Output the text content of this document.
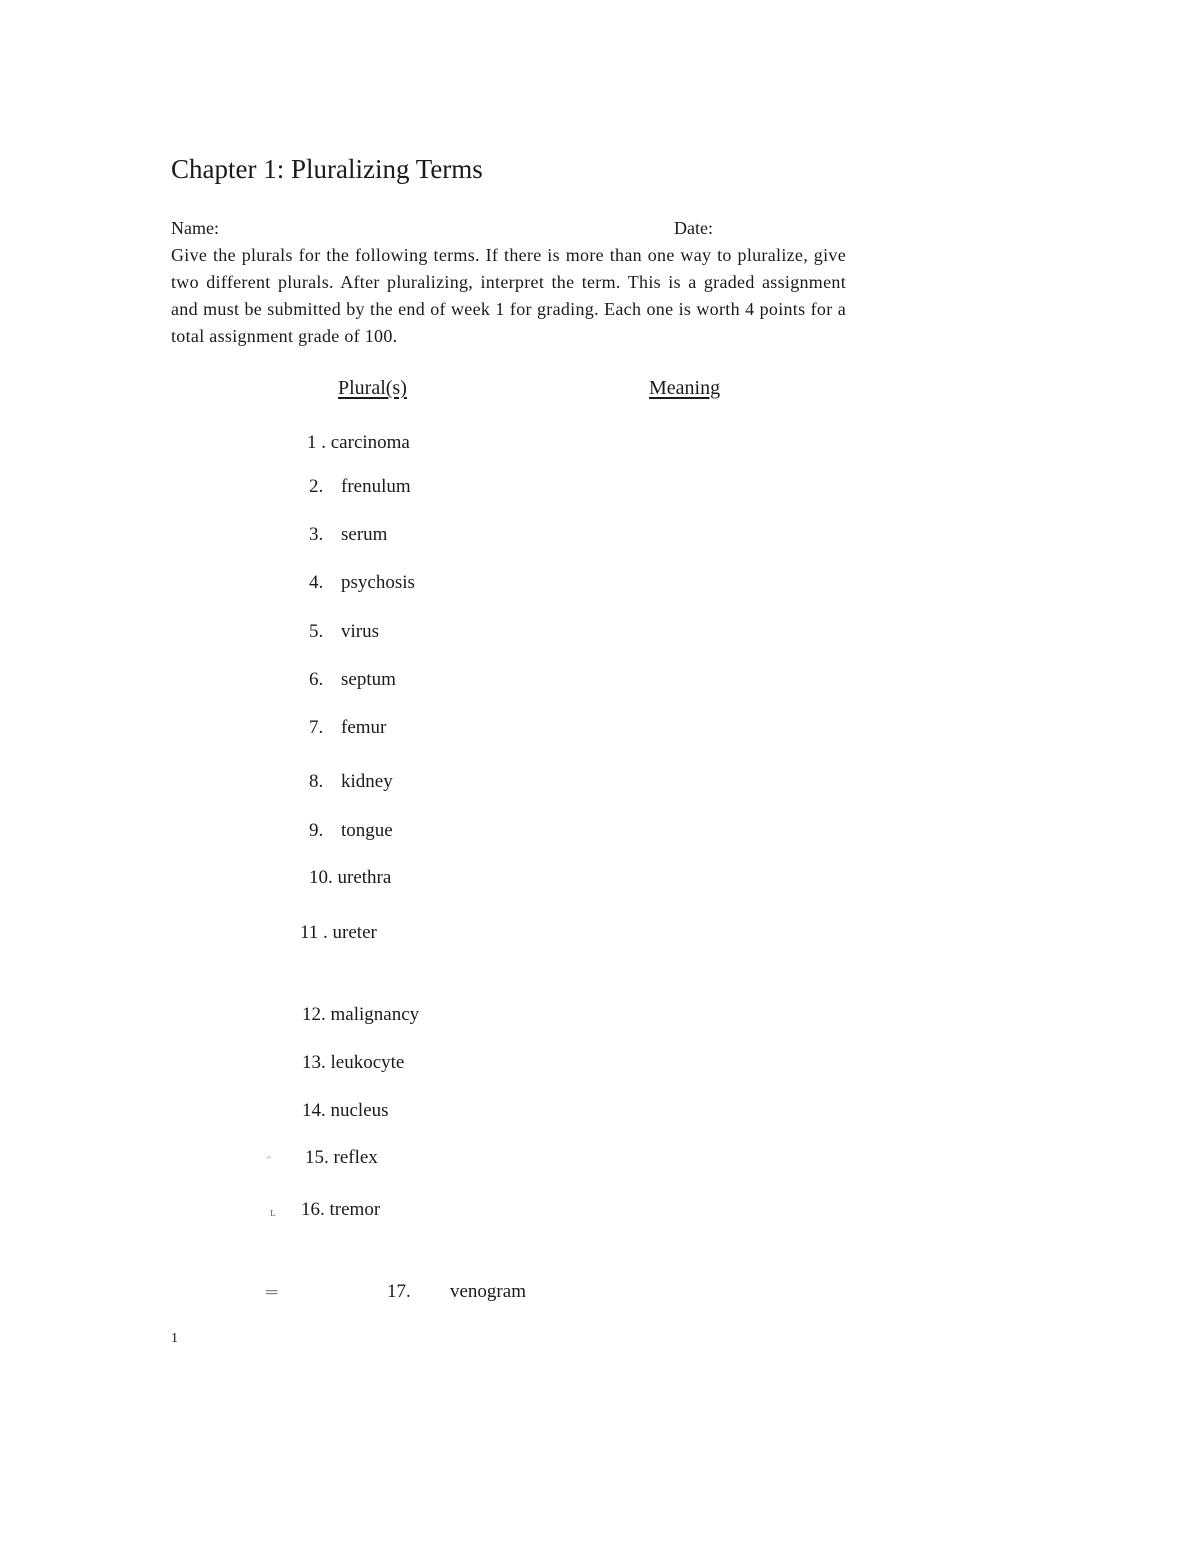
Chapter 1: Pluralizing Terms
Name:	Date:
Give the plurals for the following terms. If there is more than one way to pluralize, give two different plurals. After pluralizing, interpret the term. This is a graded assignment and must be submitted by the end of week 1 for grading. Each one is worth 4 points for a total assignment grade of 100.
Plural(s)	Meaning
1 . carcinoma
2. frenulum
3. serum
4. psychosis
5. virus
6. septum
7. femur
8. kidney
9. tongue
10. urethra
11 . ureter
12. malignancy
13. leukocyte
14. nucleus
ᵔ 15. reflex
ʟ 16. tremor
═	17. venogram
1
